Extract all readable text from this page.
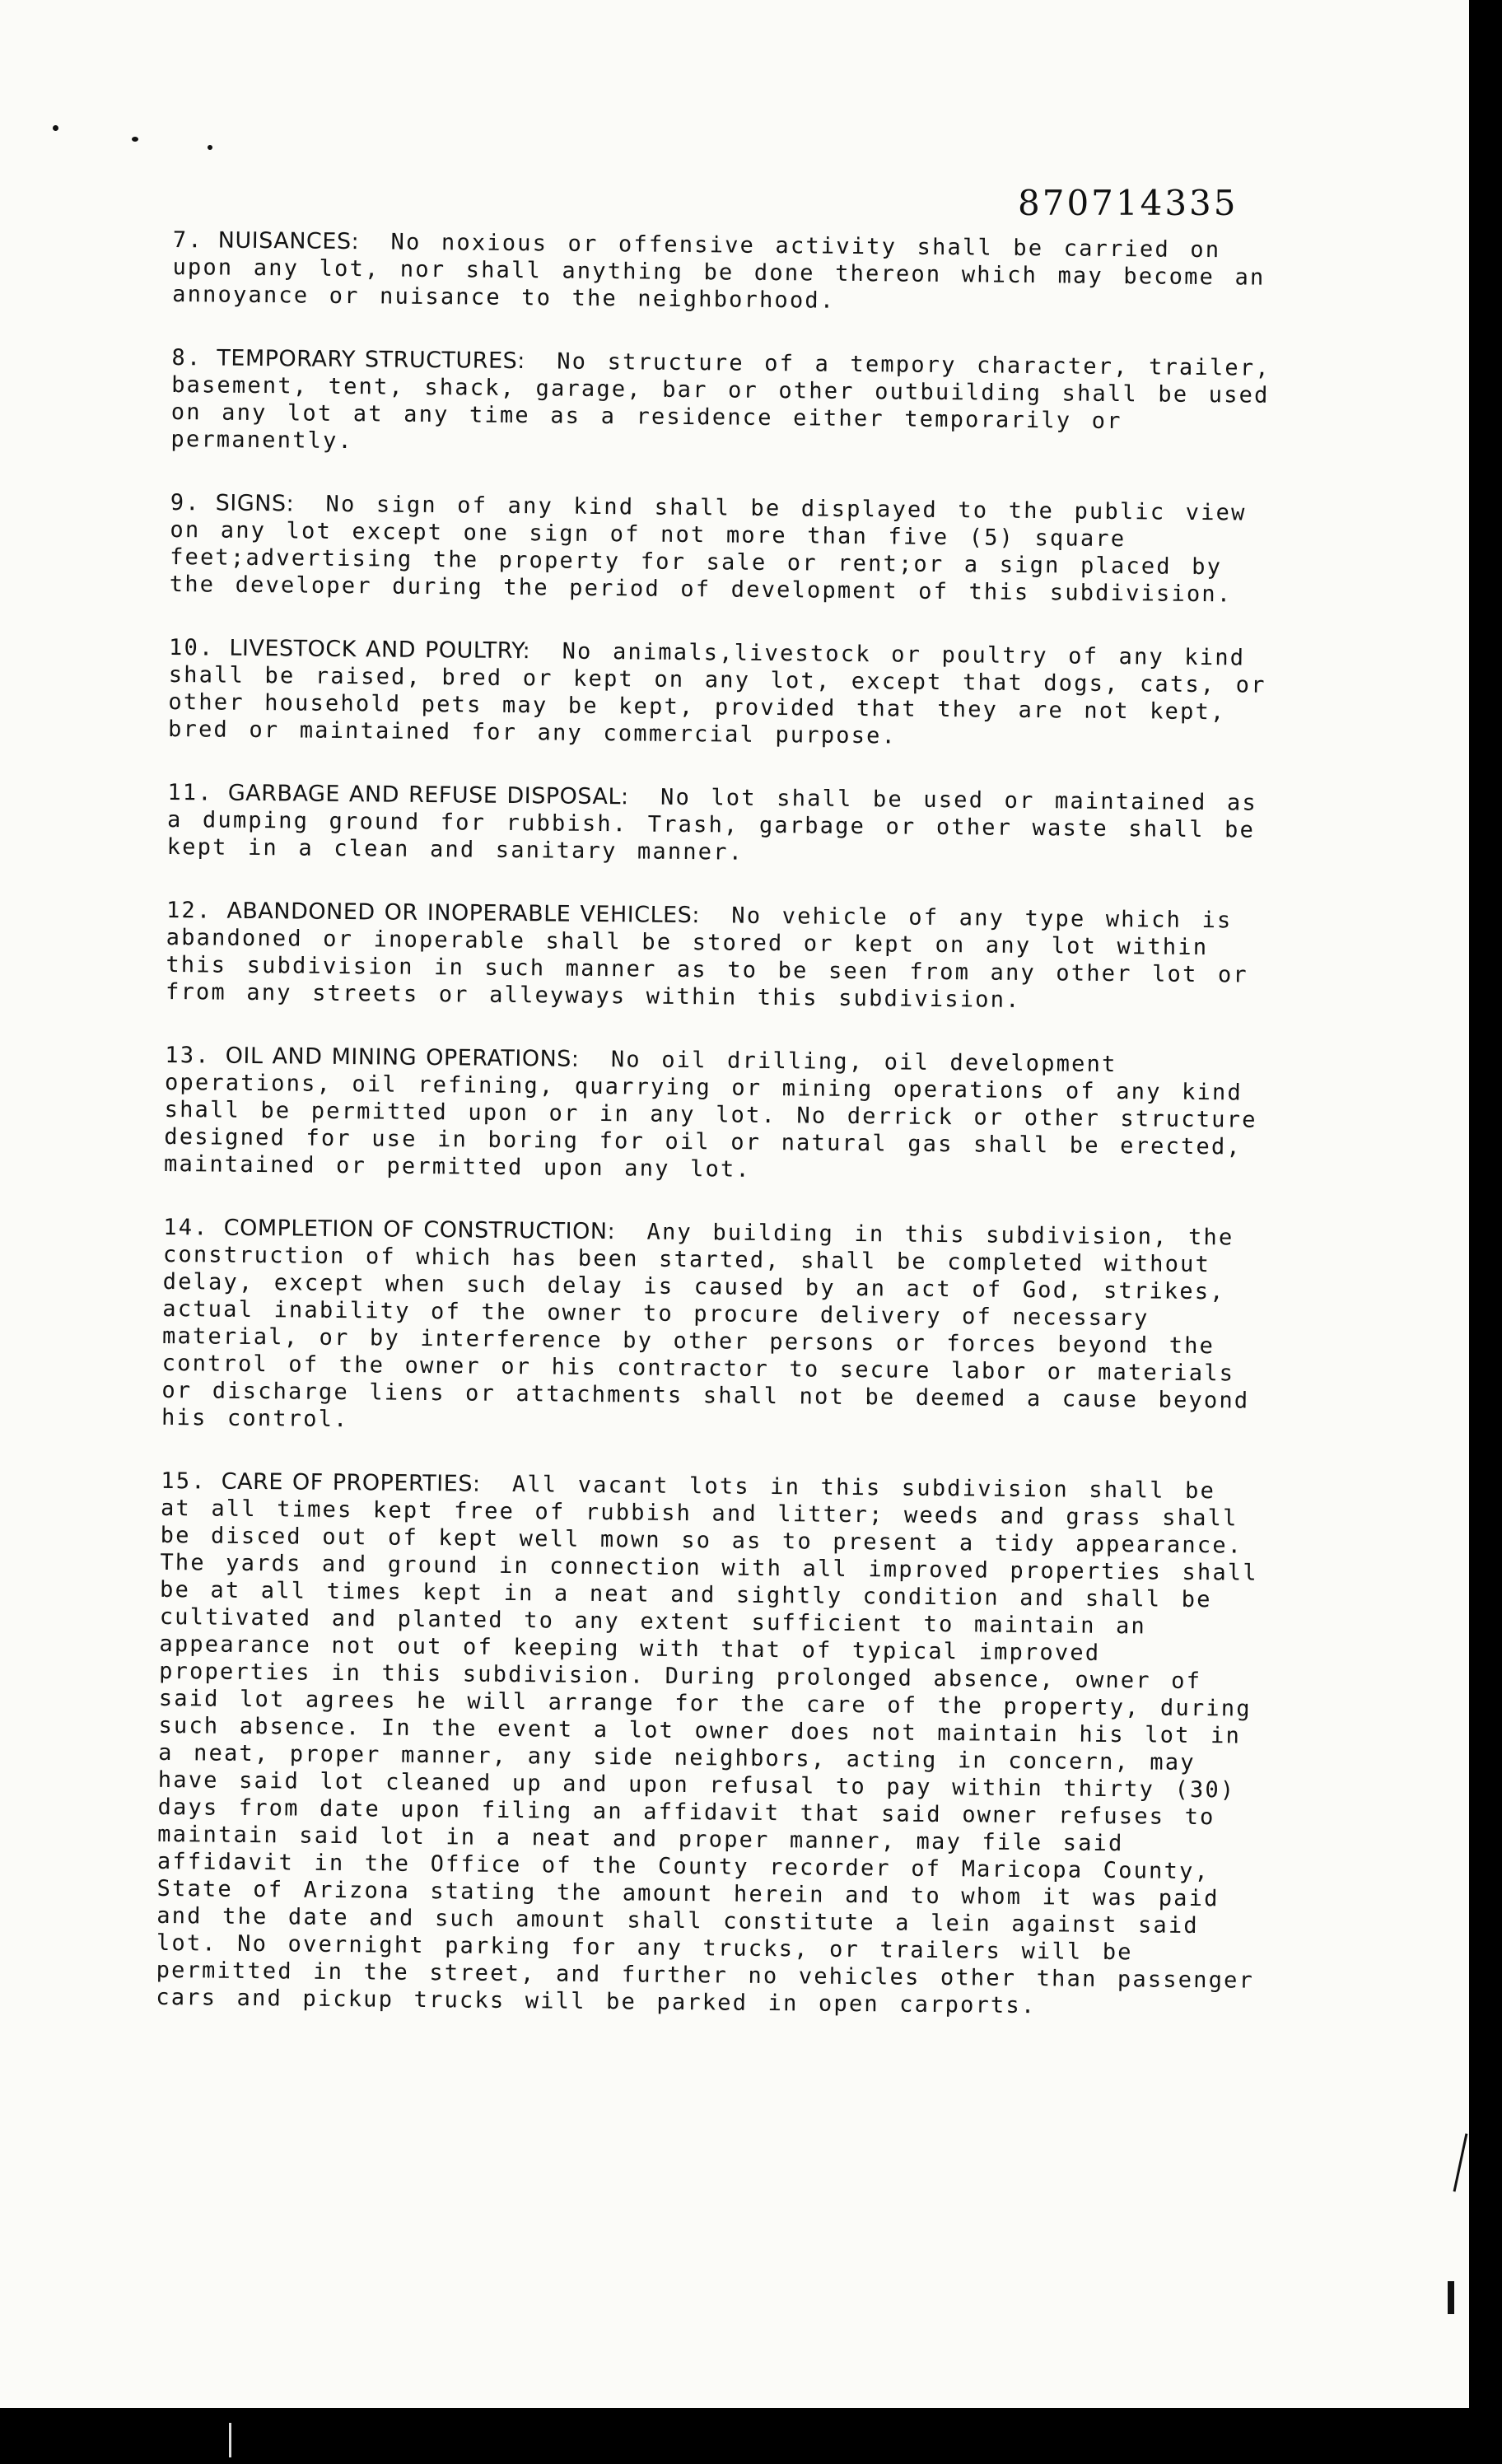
870714335

7. NUISANCES: No noxious or offensive activity shall be carried on upon any lot, nor shall anything be done thereon which may become an annoyance or nuisance to the neighborhood.

8. TEMPORARY STRUCTURES: No structure of a tempory character, trailer, basement, tent, shack, garage, bar or other outbuilding shall be used on any lot at any time as a residence either temporarily or permanently.

9. SIGNS: No sign of any kind shall be displayed to the public view on any lot except one sign of not more than five (5) square feet;advertising the property for sale or rent;or a sign placed by the developer during the period of development of this subdivision.

10. LIVESTOCK AND POULTRY: No animals,livestock or poultry of any kind shall be raised, bred or kept on any lot, except that dogs, cats, or other household pets may be kept, provided that they are not kept, bred or maintained for any commercial purpose.

11. GARBAGE AND REFUSE DISPOSAL: No lot shall be used or maintained as a dumping ground for rubbish. Trash, garbage or other waste shall be kept in a clean and sanitary manner.

12. ABANDONED OR INOPERABLE VEHICLES: No vehicle of any type which is abandoned or inoperable shall be stored or kept on any lot within this subdivision in such manner as to be seen from any other lot or from any streets or alleyways within this subdivision.

13. OIL AND MINING OPERATIONS: No oil drilling, oil development operations, oil refining, quarrying or mining operations of any kind shall be permitted upon or in any lot. No derrick or other structure designed for use in boring for oil or natural gas shall be erected, maintained or permitted upon any lot.

14. COMPLETION OF CONSTRUCTION: Any building in this subdivision, the construction of which has been started, shall be completed without delay, except when such delay is caused by an act of God, strikes, actual inability of the owner to procure delivery of necessary material, or by interference by other persons or forces beyond the control of the owner or his contractor to secure labor or materials or discharge liens or attachments shall not be deemed a cause beyond his control.

15. CARE OF PROPERTIES: All vacant lots in this subdivision shall be at all times kept free of rubbish and litter; weeds and grass shall be disced out of kept well mown so as to present a tidy appearance. The yards and ground in connection with all improved properties shall be at all times kept in a neat and sightly condition and shall be cultivated and planted to any extent sufficient to maintain an appearance not out of keeping with that of typical improved properties in this subdivision. During prolonged absence, owner of said lot agrees he will arrange for the care of the property, during such absence. In the event a lot owner does not maintain his lot in a neat, proper manner, any side neighbors, acting in concern, may have said lot cleaned up and upon refusal to pay within thirty (30) days from date upon filing an affidavit that said owner refuses to maintain said lot in a neat and proper manner, may file said affidavit in the Office of the County recorder of Maricopa County, State of Arizona stating the amount herein and to whom it was paid and the date and such amount shall constitute a lein against said lot. No overnight parking for any trucks, or trailers will be permitted in the street, and further no vehicles other than passenger cars and pickup trucks will be parked in open carports.
